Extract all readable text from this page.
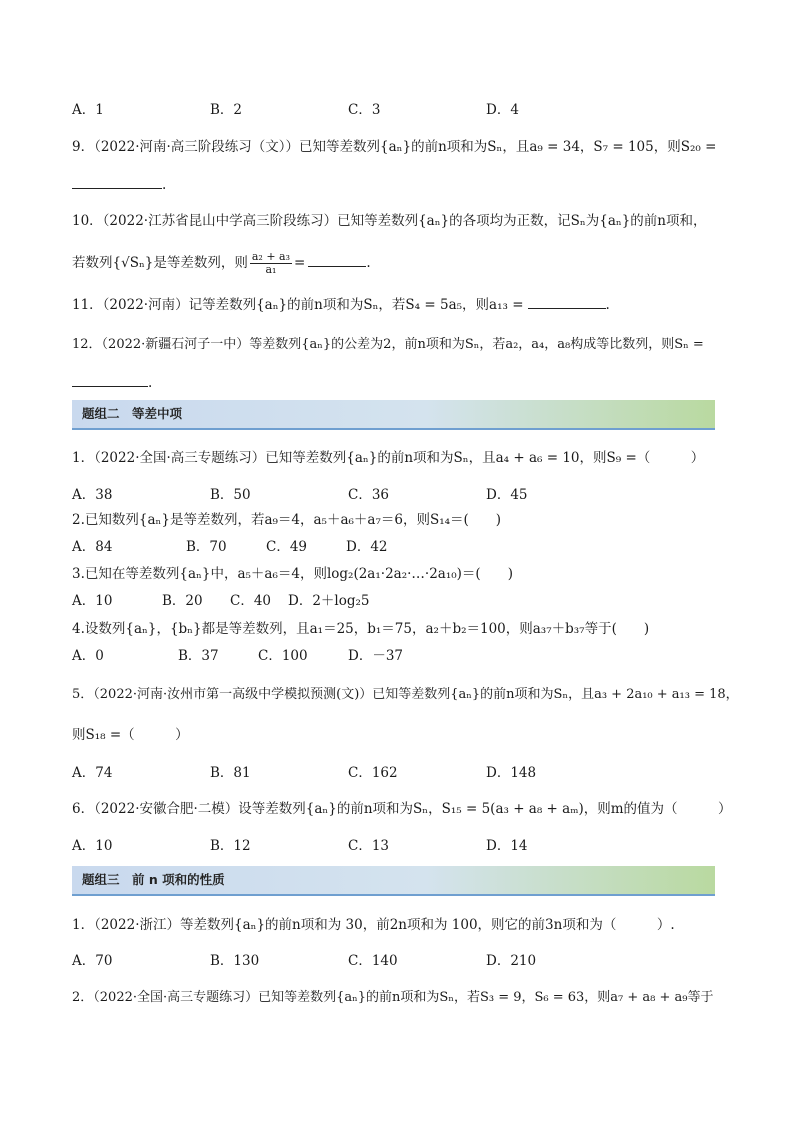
A．1	B．2	C．3	D．4
9．（2022·河南·高三阶段练习（文））已知等差数列{aₙ}的前n项和为Sₙ，且a₉ = 34，S₇ = 105，则S₂₀ =
.
10．（2022·江苏省昆山中学高三阶段练习）已知等差数列{aₙ}的各项均为正数，记Sₙ为{aₙ}的前n项和，
若数列{√Sₙ}是等差数列，则 $\frac{\text{a₂ + a₃}}{\text{a₁}}$ =	.
11．（2022·河南）记等差数列{aₙ}的前n项和为Sₙ，若S₄ = 5a₅，则a₁₃ =	.
12．（2022·新疆石河子一中）等差数列{aₙ}的公差为2，前n项和为Sₙ，若a₂，a₄，a₈构成等比数列，则Sₙ =
.
题组二　等差中项
1．（2022·全国·高三专题练习）已知等差数列{aₙ}的前n项和为Sₙ，且a₄ + a₆ = 10，则S₉ =（　　　）
A．38	B．50	C．36	D．45
2.已知数列{aₙ}是等差数列，若a₉＝4，a₅＋a₆＋a₇＝6，则S₁₄＝(　　)
A．84	B．70	C．49	D．42
3.已知在等差数列{aₙ}中，a₅＋a₆＝4，则log₂(2a₁·2a₂·…·2a₁₀)＝(　　)
A．10	B．20 C．40 D．2＋log₂5
4.设数列{aₙ}，{bₙ}都是等差数列，且a₁＝25，b₁＝75，a₂＋b₂＝100，则a₃₇＋b₃₇等于(　　)
A．0	B．37	C．100	D．－37
5．（2022·河南·汝州市第一高级中学模拟预测(文)）已知等差数列{aₙ}的前n项和为Sₙ，且a₃ + 2a₁₀ + a₁₃ = 18，
则S₁₈ =（　　　）
A．74	B．81	C．162	D．148
6．（2022·安徽合肥·二模）设等差数列{aₙ}的前n项和为Sₙ，S₁₅ = 5(a₃ + a₈ + aₘ)，则m的值为（　　　）
A．10	B．12	C．13	D．14
题组三　前 n 项和的性质
1．（2022·浙江）等差数列{aₙ}的前n项和为 30，前2n项和为 100，则它的前3n项和为（　　　）.
A．70	B．130	C．140	D．210
2．（2022·全国·高三专题练习）已知等差数列{aₙ}的前n项和为Sₙ，若S₃ = 9，S₆ = 63，则a₇ + a₈ + a₉等于
